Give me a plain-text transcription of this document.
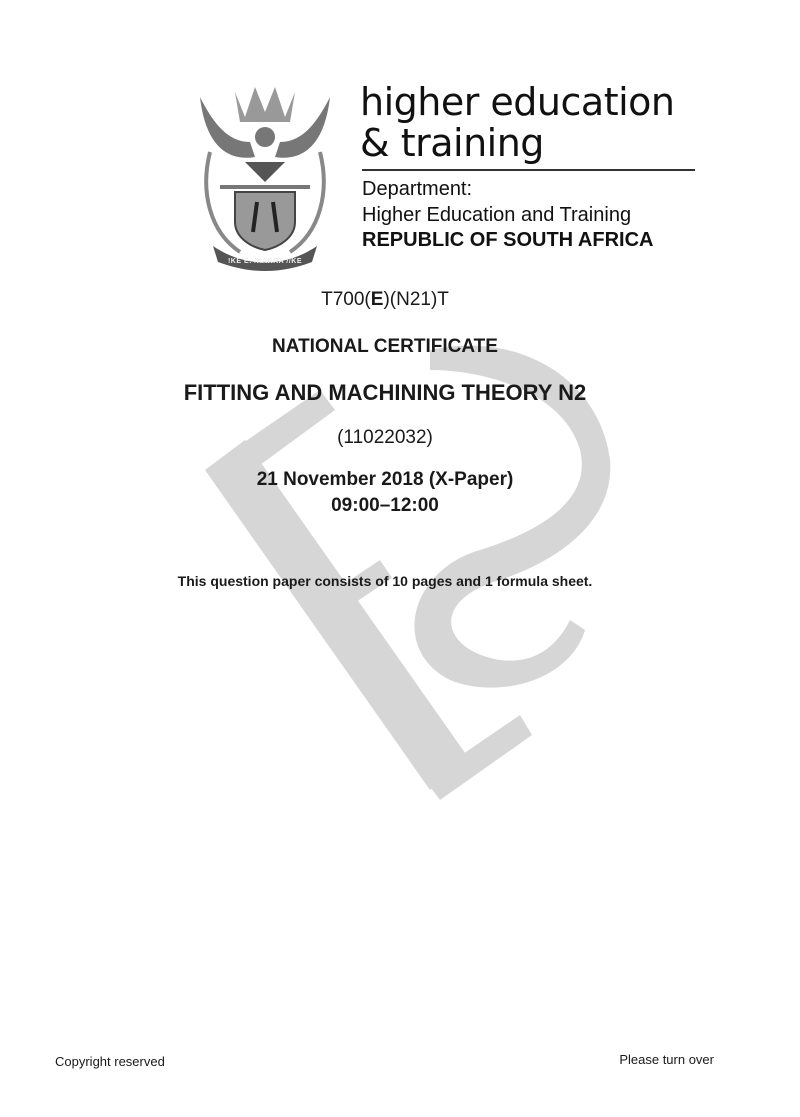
!KE E: /XARRA //KE
higher education
& training
Department:
Higher Education and Training
REPUBLIC OF SOUTH AFRICA
T700(E)(N21)T
NATIONAL CERTIFICATE
FITTING AND MACHINING THEORY N2
(11022032)
21 November 2018 (X-Paper)
09:00–12:00
This question paper consists of 10 pages and 1 formula sheet.
Copyright reserved	Please turn over
